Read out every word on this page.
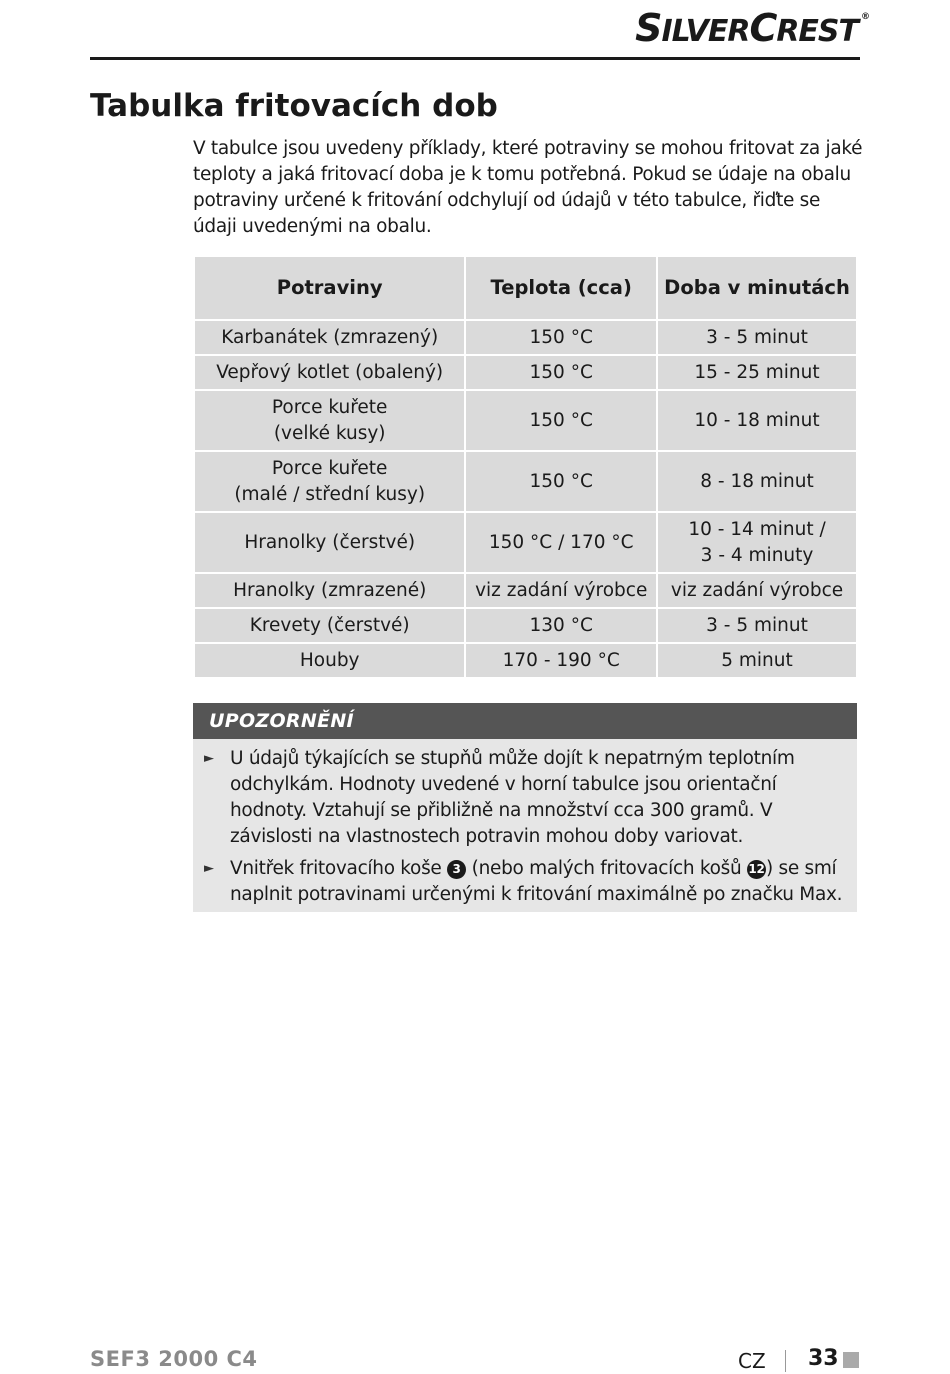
SILVERCREST ®
Tabulka fritovacích dob

V tabulce jsou uvedeny příklady, které potraviny se mohou fritovat za jaké teploty a jaká fritovací doba je k tomu potřebná. Pokud se údaje na obalu potraviny určené k fritování odchylují od údajů v této tabulce, řiďte se údaji uvedenými na obalu.

Potraviny	Teplota (cca)	Doba v minutách
Karbanátek (zmrazený)	150 °C	3 - 5 minut
Vepřový kotlet (obalený)	150 °C	15 - 25 minut
Porce kuřete
(velké kusy)	150 °C	10 - 18 minut
Porce kuřete
(malé / střední kusy)	150 °C	8 - 18 minut
Hranolky (čerstvé)	150 °C / 170 °C	10 - 14 minut /
3 - 4 minuty
Hranolky (zmrazené)	viz zadání výrobce	viz zadání výrobce
Krevety (čerstvé)	130 °C	3 - 5 minut
Houby	170 - 190 °C	5 minut
UPOZORNĚNÍ
► U údajů týkajících se stupňů může dojít k nepatrným teplotním odchylkám. Hodnoty uvedené v horní tabulce jsou orientační hodnoty. Vztahují se přibližně na množství cca 300 gramů. V závislosti na vlastnostech potravin mohou doby variovat.
► Vnitřek fritovacího koše 3 (nebo malých fritovacích košů 12) se smí naplnit potravinami určenými k fritování maximálně po značku Max.
SEF3 2000 C4	CZ 33
